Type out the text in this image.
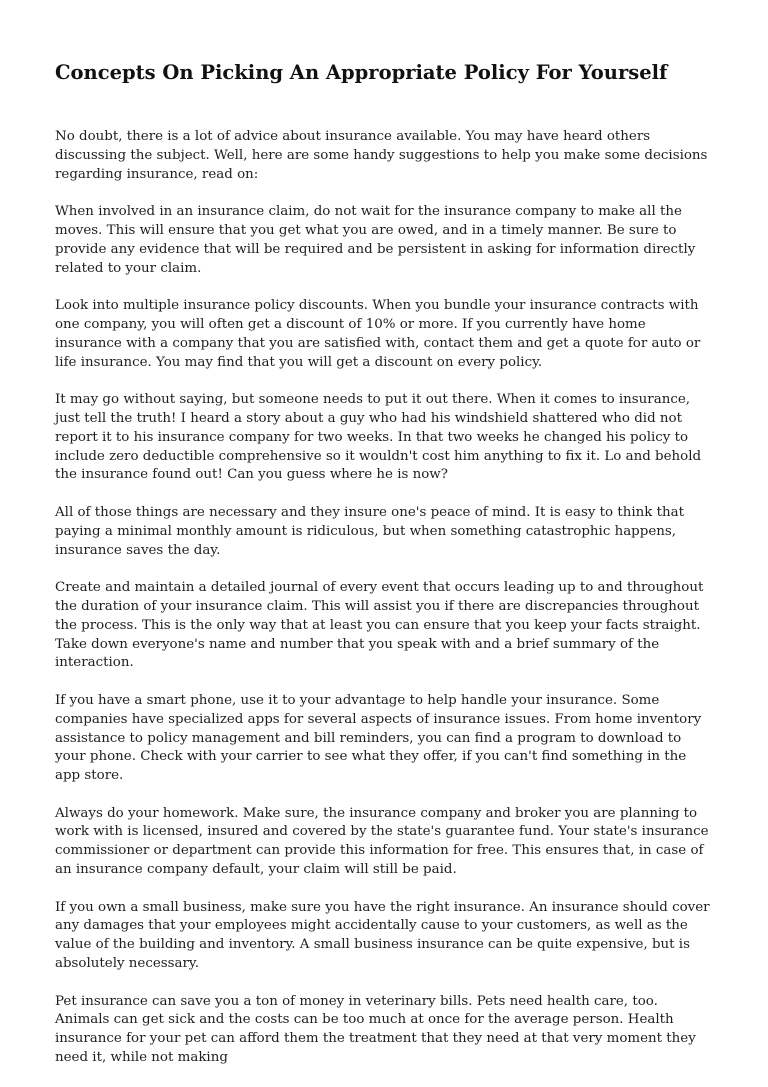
Concepts On Picking An Appropriate Policy For Yourself

No doubt, there is a lot of advice about insurance available. You may have heard others discussing the subject. Well, here are some handy suggestions to help you make some decisions regarding insurance, read on:

When involved in an insurance claim, do not wait for the insurance company to make all the moves. This will ensure that you get what you are owed, and in a timely manner. Be sure to provide any evidence that will be required and be persistent in asking for information directly related to your claim.

Look into multiple insurance policy discounts. When you bundle your insurance contracts with one company, you will often get a discount of 10% or more. If you currently have home insurance with a company that you are satisfied with, contact them and get a quote for auto or life insurance. You may find that you will get a discount on every policy.

It may go without saying, but someone needs to put it out there. When it comes to insurance, just tell the truth! I heard a story about a guy who had his windshield shattered who did not report it to his insurance company for two weeks. In that two weeks he changed his policy to include zero deductible comprehensive so it wouldn't cost him anything to fix it. Lo and behold the insurance found out! Can you guess where he is now?

All of those things are necessary and they insure one's peace of mind. It is easy to think that paying a minimal monthly amount is ridiculous, but when something catastrophic happens, insurance saves the day.

Create and maintain a detailed journal of every event that occurs leading up to and throughout the duration of your insurance claim. This will assist you if there are discrepancies throughout the process. This is the only way that at least you can ensure that you keep your facts straight. Take down everyone's name and number that you speak with and a brief summary of the interaction.

If you have a smart phone, use it to your advantage to help handle your insurance. Some companies have specialized apps for several aspects of insurance issues. From home inventory assistance to policy management and bill reminders, you can find a program to download to your phone. Check with your carrier to see what they offer, if you can't find something in the app store.

Always do your homework. Make sure, the insurance company and broker you are planning to work with is licensed, insured and covered by the state's guarantee fund. Your state's insurance commissioner or department can provide this information for free. This ensures that, in case of an insurance company default, your claim will still be paid.

If you own a small business, make sure you have the right insurance. An insurance should cover any damages that your employees might accidentally cause to your customers, as well as the value of the building and inventory. A small business insurance can be quite expensive, but is absolutely necessary.

Pet insurance can save you a ton of money in veterinary bills. Pets need health care, too. Animals can get sick and the costs can be too much at once for the average person. Health insurance for your pet can afford them the treatment that they need at that very moment they need it, while not making
